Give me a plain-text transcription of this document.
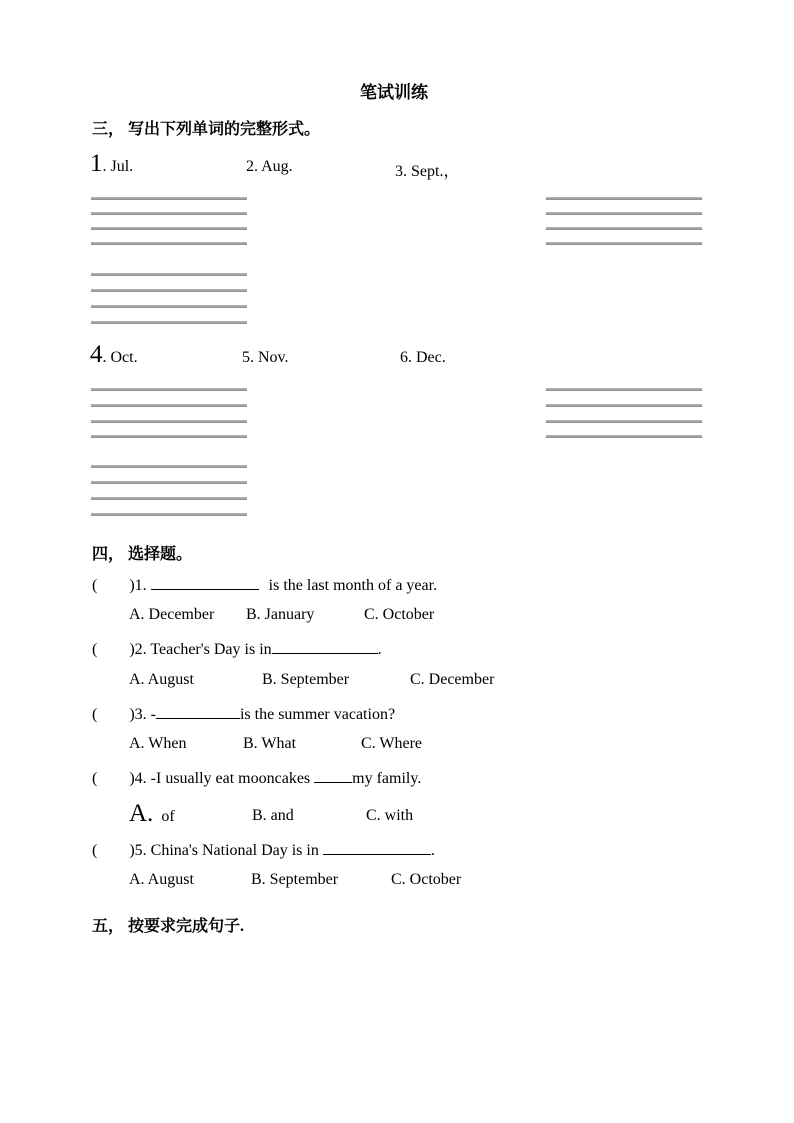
笔试训练
三， 写出下列单词的完整形式。
1. Jul.	2. Aug.	3. Sept.，
4. Oct.	5. Nov.	6. Dec.
四， 选择题。
( )1.	is the last month of a year.
A. December B. January	C. October
( )2. Teacher's Day is in	.
A. August	B. September	C. December
( )3. -	is the summer vacation?
A. When	B. What	C. Where
( )4. -I usually eat mooncakes my family.
A. of	B. and	C. with
( )5. China's National Day is in	.
A. August	B. September	C. October
五， 按要求完成句子.
